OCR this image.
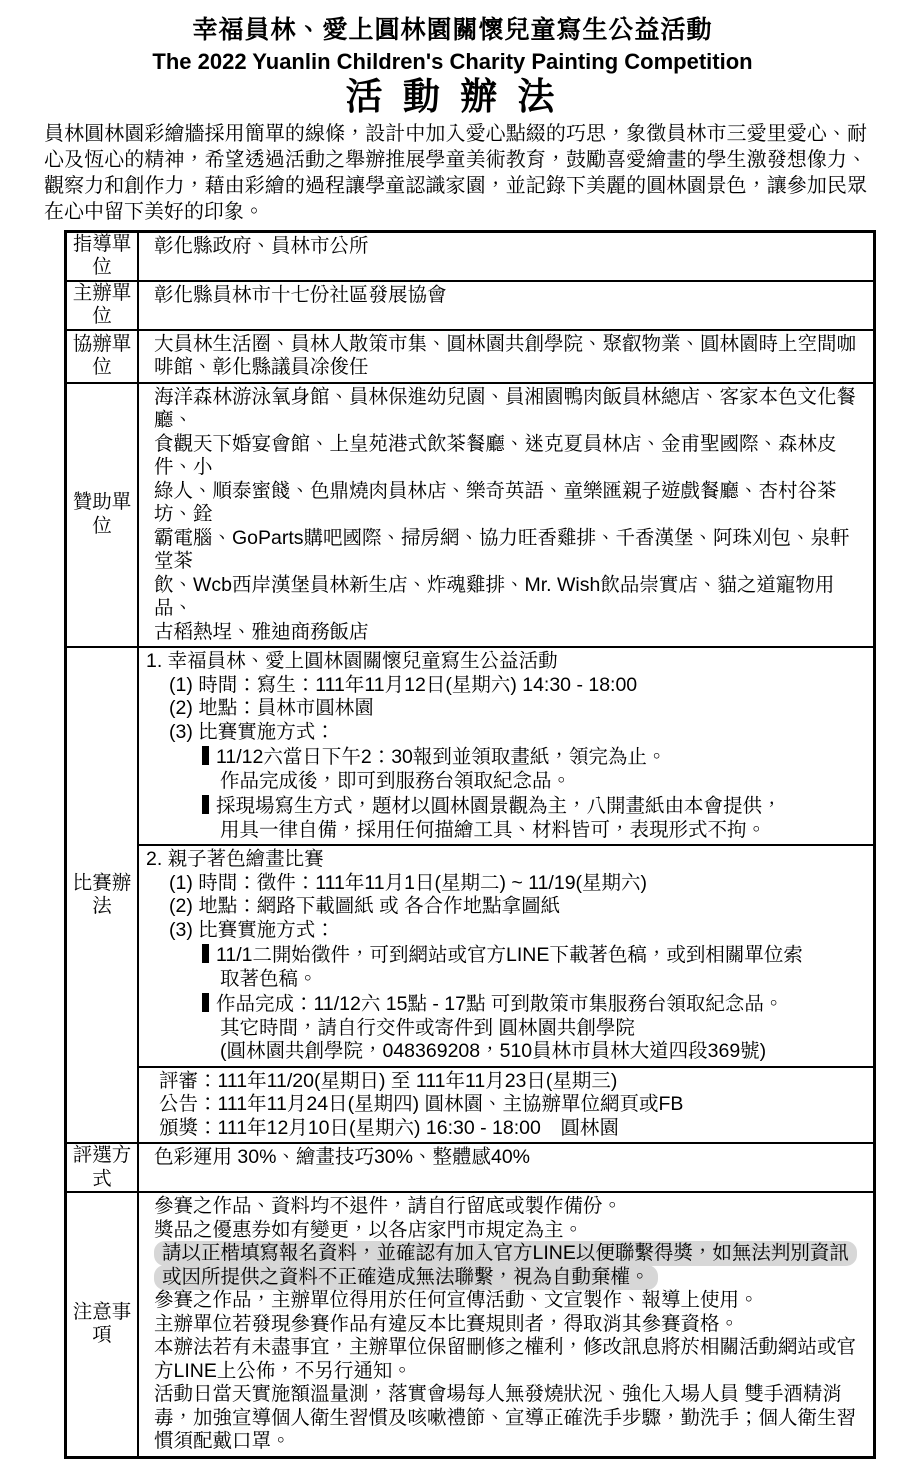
幸福員林、愛上圓林園關懷兒童寫生公益活動
The 2022 Yuanlin Children's Charity Painting Competition
活 動 辦 法

員林圓林園彩繪牆採用簡單的線條，設計中加入愛心點綴的巧思，象徵員林市三愛里愛心、耐心及恆心的精神，希望透過活動之舉辦推展學童美術教育，鼓勵喜愛繪畫的學生激發想像力、觀察力和創作力，藉由彩繪的過程讓學童認識家園，並記錄下美麗的圓林園景色，讓參加民眾在心中留下美好的印象。

指導單位
彰化縣政府、員林市公所
主辦單位
彰化縣員林市十七份社區發展協會
協辦單位
大員林生活圈、員林人散策市集、圓林園共創學院、聚叡物業、圓林園時上空間咖啡館、彰化縣議員凃俊任
贊助單位
海洋森林游泳氧身館、員林保進幼兒園、員湘園鴨肉飯員林總店、客家本色文化餐廳、
食觀天下婚宴會館、上皇苑港式飲茶餐廳、迷克夏員林店、金甫聖國際、森林皮件、小
綠人、順泰蜜餞、色鼎燒肉員林店、樂奇英語、童樂匯親子遊戲餐廳、杏村谷茶坊、銓
霸電腦、GoParts購吧國際、掃房網、協力旺香雞排、千香漢堡、阿珠刈包、泉軒堂茶
飲、Wcb西岸漢堡員林新生店、炸魂雞排、Mr. Wish飲品崇實店、貓之道寵物用品、
古稻熱埕、雅迪商務飯店
比賽辦法
1. 幸福員林、愛上圓林園關懷兒童寫生公益活動
(1) 時間：寫生：111年11月12日(星期六) 14:30 - 18:00
(2) 地點：員林市圓林園
(3) 比賽實施方式：
11/12六當日下午2：30報到並領取畫紙，領完為止。
作品完成後，即可到服務台領取紀念品。
採現場寫生方式，題材以圓林園景觀為主，八開畫紙由本會提供，
用具一律自備，採用任何描繪工具、材料皆可，表現形式不拘。
2. 親子著色繪畫比賽
(1) 時間：徵件：111年11月1日(星期二) ~ 11/19(星期六)
(2) 地點：網路下載圖紙 或 各合作地點拿圖紙
(3) 比賽實施方式：
11/1二開始徵件，可到網站或官方LINE下載著色稿，或到相關單位索
取著色稿。
作品完成：11/12六 15點 - 17點 可到散策市集服務台領取紀念品。
其它時間，請自行交件或寄件到 圓林園共創學院
(圓林園共創學院，048369208，510員林市員林大道四段369號)
評審：111年11/20(星期日) 至 111年11月23日(星期三)
公告：111年11月24日(星期四) 圓林園、主協辦單位網頁或FB
頒獎：111年12月10日(星期六) 16:30 - 18:00　圓林園
評選方式
色彩運用 30%、繪畫技巧30%、整體感40%
注意事項
參賽之作品、資料均不退件，請自行留底或製作備份。
獎品之優惠券如有變更，以各店家門市規定為主。
請以正楷填寫報名資料，並確認有加入官方LINE以便聯繫得獎，如無法判別資訊或因所提供之資料不正確造成無法聯繫，視為自動棄權。
參賽之作品，主辦單位得用於任何宣傳活動、文宣製作、報導上使用。
主辦單位若發現參賽作品有違反本比賽規則者，得取消其參賽資格。
本辦法若有未盡事宜，主辦單位保留刪修之權利，修改訊息將於相關活動網站或官方LINE上公佈，不另行通知。
活動日當天實施額溫量測，落實會場每人無發燒狀況、強化入場人員 雙手酒精消毒，加強宣導個人衛生習慣及咳嗽禮節、宣導正確洗手步驟，勤洗手；個人衛生習慣須配戴口罩。
